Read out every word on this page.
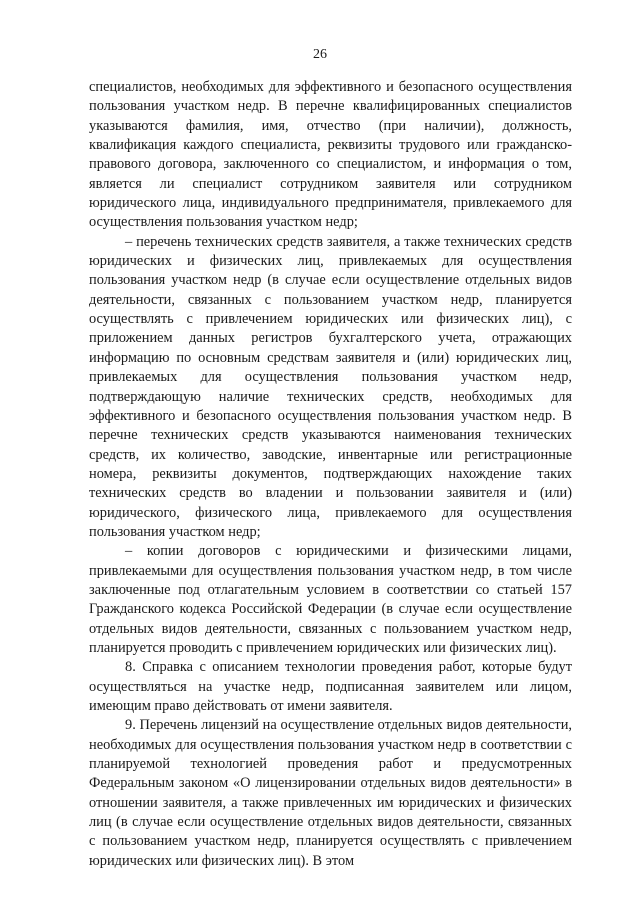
26

специалистов, необходимых для эффективного и безопасного осуществления пользования участком недр. В перечне квалифицированных специалистов указываются фамилия, имя, отчество (при наличии), должность, квалификация каждого специалиста, реквизиты трудового или гражданско-правового договора, заключенного со специалистом, и информация о том, является ли специалист сотрудником заявителя или сотрудником юридического лица, индивидуального предпринимателя, привлекаемого для осуществления пользования участком недр;

– перечень технических средств заявителя, а также технических средств юридических и физических лиц, привлекаемых для осуществления пользования участком недр (в случае если осуществление отдельных видов деятельности, связанных с пользованием участком недр, планируется осуществлять с привлечением юридических или физических лиц), с приложением данных регистров бухгалтерского учета, отражающих информацию по основным средствам заявителя и (или) юридических лиц, привлекаемых для осуществления пользования участком недр, подтверждающую наличие технических средств, необходимых для эффективного и безопасного осуществления пользования участком недр. В перечне технических средств указываются наименования технических средств, их количество, заводские, инвентарные или регистрационные номера, реквизиты документов, подтверждающих нахождение таких технических средств во владении и пользовании заявителя и (или) юридического, физического лица, привлекаемого для осуществления пользования участком недр;

– копии договоров с юридическими и физическими лицами, привлекаемыми для осуществления пользования участком недр, в том числе заключенные под отлагательным условием в соответствии со статьей 157 Гражданского кодекса Российской Федерации (в случае если осуществление отдельных видов деятельности, связанных с пользованием участком недр, планируется проводить с привлечением юридических или физических лиц).

8. Справка с описанием технологии проведения работ, которые будут осуществляться на участке недр, подписанная заявителем или лицом, имеющим право действовать от имени заявителя.

9. Перечень лицензий на осуществление отдельных видов деятельности, необходимых для осуществления пользования участком недр в соответствии с планируемой технологией проведения работ и предусмотренных Федеральным законом «О лицензировании отдельных видов деятельности» в отношении заявителя, а также привлеченных им юридических и физических лиц (в случае если осуществление отдельных видов деятельности, связанных с пользованием участком недр, планируется осуществлять с привлечением юридических или физических лиц). В этом
